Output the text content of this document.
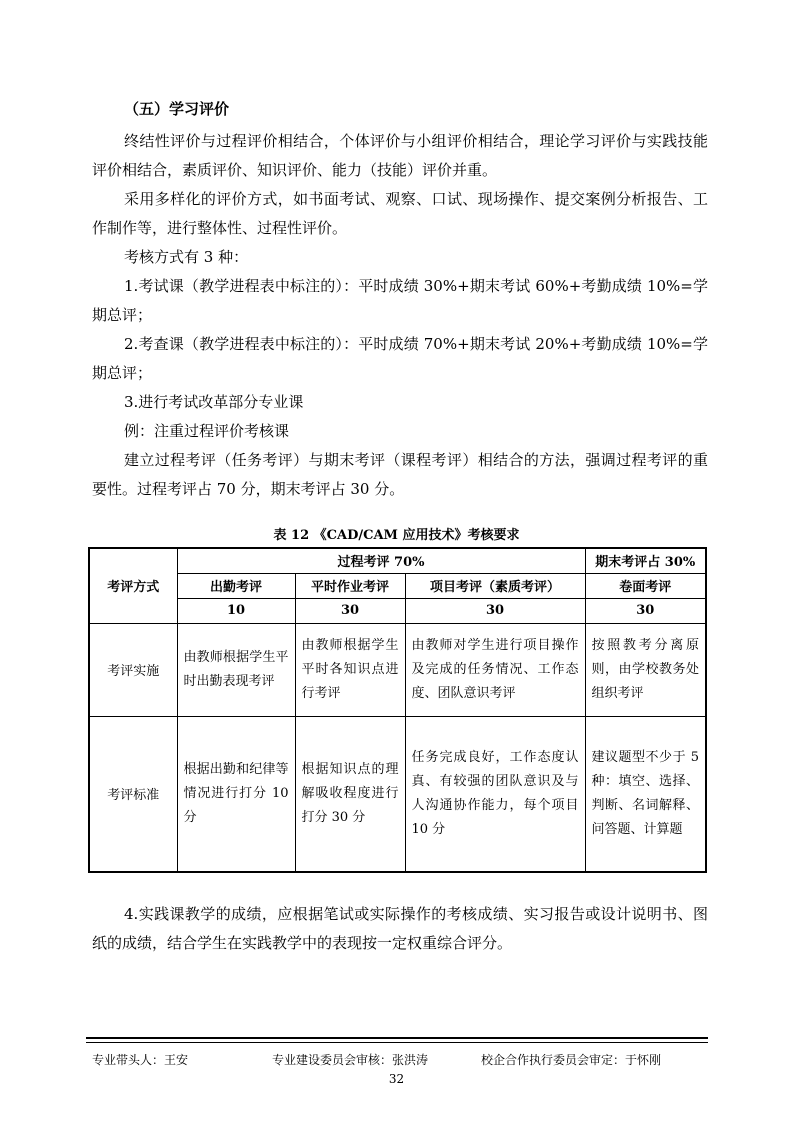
（五）学习评价
终结性评价与过程评价相结合，个体评价与小组评价相结合，理论学习评价与实践技能评价相结合，素质评价、知识评价、能力（技能）评价并重。
采用多样化的评价方式，如书面考试、观察、口试、现场操作、提交案例分析报告、工作制作等，进行整体性、过程性评价。
考核方式有 3 种：
1.考试课（教学进程表中标注的）：平时成绩 30%+期末考试 60%+考勤成绩 10%=学期总评；
2.考查课（教学进程表中标注的）：平时成绩 70%+期末考试 20%+考勤成绩 10%=学期总评；
3.进行考试改革部分专业课
例：注重过程评价考核课
建立过程考评（任务考评）与期末考评（课程考评）相结合的方法，强调过程考评的重要性。过程考评占 70 分，期末考评占 30 分。
表 12 《CAD/CAM 应用技术》考核要求
考评方式	过程考评 70%			期末考评占 30%
	出勤考评	平时作业考评	项目考评（素质考评）	卷面考评
	10	30	30	30
考评实施	由教师根据学生平时出勤表现考评	由教师根据学生平时各知识点进行考评	由教师对学生进行项目操作及完成的任务情况、工作态度、团队意识考评	按照教考分离原则，由学校教务处组织考评
考评标准	根据出勤和纪律等情况进行打分 10 分	根据知识点的理解吸收程度进行打分 30 分	任务完成良好，工作态度认真、有较强的团队意识及与人沟通协作能力，每个项目 10 分	建议题型不少于 5 种：填空、选择、判断、名词解释、问答题、计算题
4.实践课教学的成绩，应根据笔试或实际操作的考核成绩、实习报告或设计说明书、图纸的成绩，结合学生在实践教学中的表现按一定权重综合评分。
专业带头人：王安	专业建设委员会审核：张洪涛	校企合作执行委员会审定：于怀刚
32
